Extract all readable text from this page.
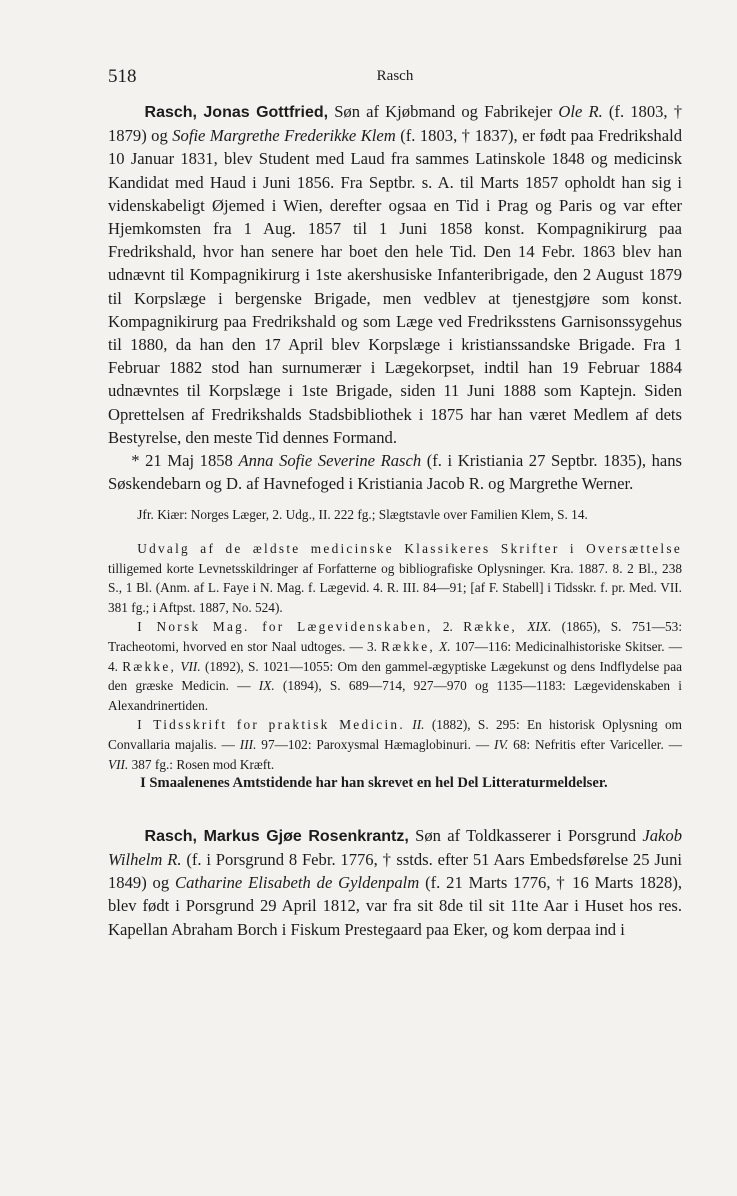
518	Rasch

Rasch, Jonas Gottfried, Søn af Kjøbmand og Fabrikejer Ole R. (f. 1803, † 1879) og Sofie Margrethe Frederikke Klem (f. 1803, † 1837), er født paa Fredrikshald 10 Januar 1831, blev Student med Laud fra sammes Latinskole 1848 og medicinsk Kandidat med Haud i Juni 1856. Fra Septbr. s. A. til Marts 1857 opholdt han sig i videnskabeligt Øjemed i Wien, derefter ogsaa en Tid i Prag og Paris og var efter Hjemkomsten fra 1 Aug. 1857 til 1 Juni 1858 konst. Kompagnikirurg paa Fredrikshald, hvor han senere har boet den hele Tid. Den 14 Febr. 1863 blev han udnævnt til Kompagnikirurg i 1ste akershusiske Infanteribrigade, den 2 August 1879 til Korpslæge i bergenske Brigade, men vedblev at tjenestgjøre som konst. Kompagnikirurg paa Fredrikshald og som Læge ved Fredriksstens Garnisonssygehus til 1880, da han den 17 April blev Korpslæge i kristianssandske Brigade. Fra 1 Februar 1882 stod han surnumerær i Lægekorpset, indtil han 19 Februar 1884 udnævntes til Korpslæge i 1ste Brigade, siden 11 Juni 1888 som Kaptejn. Siden Oprettelsen af Fredrikshalds Stadsbibliothek i 1875 har han været Medlem af dets Bestyrelse, den meste Tid dennes Formand.

* 21 Maj 1858 Anna Sofie Severine Rasch (f. i Kristiania 27 Septbr. 1835), hans Søskendebarn og D. af Havnefoged i Kristiania Jacob R. og Margrethe Werner.

Jfr. Kiær: Norges Læger, 2. Udg., II. 222 fg.; Slægtstavle over Familien Klem, S. 14.

Udvalg af de ældste medicinske Klassikeres Skrifter i Oversættelse tilligemed korte Levnetsskildringer af Forfatterne og bibliografiske Oplysninger. Kra. 1887. 8. 2 Bl., 238 S., 1 Bl. (Anm. af L. Faye i N. Mag. f. Lægevid. 4. R. III. 84—91; [af F. Stabell] i Tidsskr. f. pr. Med. VII. 381 fg.; i Aftpst. 1887, No. 524).

I Norsk Mag. for Lægevidenskaben, 2. Række, XIX. (1865), S. 751—53: Tracheotomi, hvorved en stor Naal udtoges. — 3. Række, X. 107—116: Medicinalhistoriske Skitser. — 4. Række, VII. (1892), S. 1021—1055: Om den gammel-ægyptiske Lægekunst og dens Indflydelse paa den græske Medicin. — IX. (1894), S. 689—714, 927—970 og 1135—1183: Lægevidenskaben i Alexandrinertiden.

I Tidsskrift for praktisk Medicin. II. (1882), S. 295: En historisk Oplysning om Convallaria majalis. — III. 97—102: Paroxysmal Hæmaglobinuri. — IV. 68: Nefritis efter Variceller. — VII. 387 fg.: Rosen mod Kræft.

I Smaalenenes Amtstidende har han skrevet en hel Del Litteraturmeldelser.

Rasch, Markus Gjøe Rosenkrantz, Søn af Toldkasserer i Porsgrund Jakob Wilhelm R. (f. i Porsgrund 8 Febr. 1776, † sstds. efter 51 Aars Embedsførelse 25 Juni 1849) og Catharine Elisabeth de Gyldenpalm (f. 21 Marts 1776, † 16 Marts 1828), blev født i Porsgrund 29 April 1812, var fra sit 8de til sit 11te Aar i Huset hos res. Kapellan Abraham Borch i Fiskum Prestegaard paa Eker, og kom derpaa ind i
